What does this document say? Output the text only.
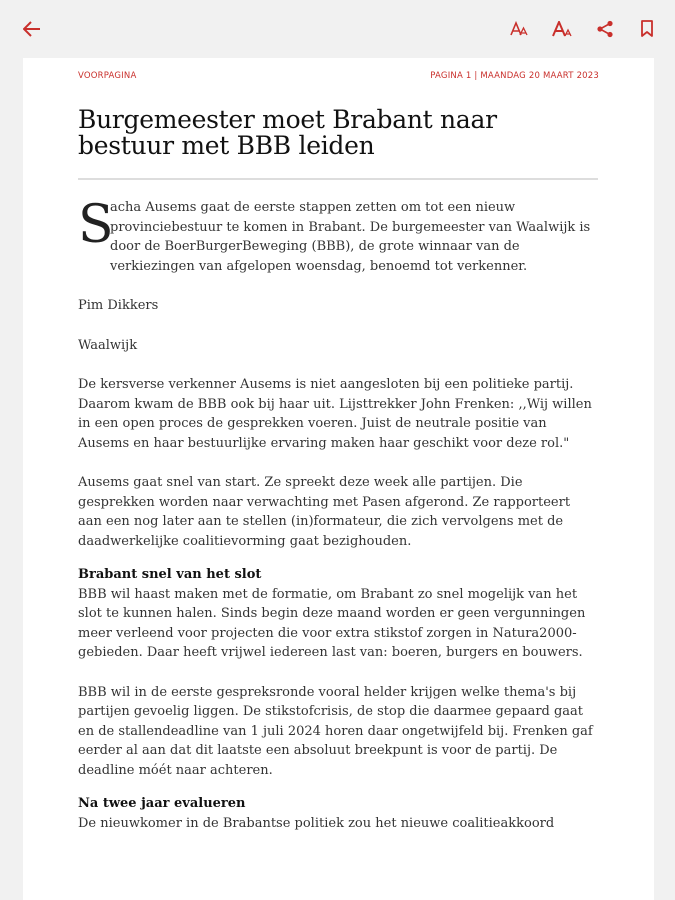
VOORPAGINA	PAGINA 1 | MAANDAG 20 MAART 2023
Burgemeester moet Brabant naar bestuur met BBB leiden
S
acha Ausems gaat de eerste stappen zetten om tot een nieuw provinciebestuur te komen in Brabant. De burgemeester van Waalwijk is door de BoerBurgerBeweging (BBB), de grote winnaar van de verkiezingen van afgelopen woensdag, benoemd tot verkenner.

Pim Dikkers

Waalwijk

De kersverse verkenner Ausems is niet aangesloten bij een politieke partij. Daarom kwam de BBB ook bij haar uit. Lijsttrekker John Frenken: ,,Wij willen in een open proces de gesprekken voeren. Juist de neutrale positie van Ausems en haar bestuurlijke ervaring maken haar geschikt voor deze rol."

Ausems gaat snel van start. Ze spreekt deze week alle partijen. Die gesprekken worden naar verwachting met Pasen afgerond. Ze rapporteert aan een nog later aan te stellen (in)formateur, die zich vervolgens met de daadwerkelijke coalitievorming gaat bezighouden.

Brabant snel van het slot

BBB wil haast maken met de formatie, om Brabant zo snel mogelijk van het slot te kunnen halen. Sinds begin deze maand worden er geen vergunningen meer verleend voor projecten die voor extra stikstof zorgen in Natura2000-gebieden. Daar heeft vrijwel iedereen last van: boeren, burgers en bouwers.

BBB wil in de eerste gespreksronde vooral helder krijgen welke thema's bij partijen gevoelig liggen. De stikstofcrisis, de stop die daarmee gepaard gaat en de stallendeadline van 1 juli 2024 horen daar ongetwijfeld bij. Frenken gaf eerder al aan dat dit laatste een absoluut breekpunt is voor de partij. De deadline móét naar achteren.

Na twee jaar evalueren

De nieuwkomer in de Brabantse politiek zou het nieuwe coalitieakkoord
